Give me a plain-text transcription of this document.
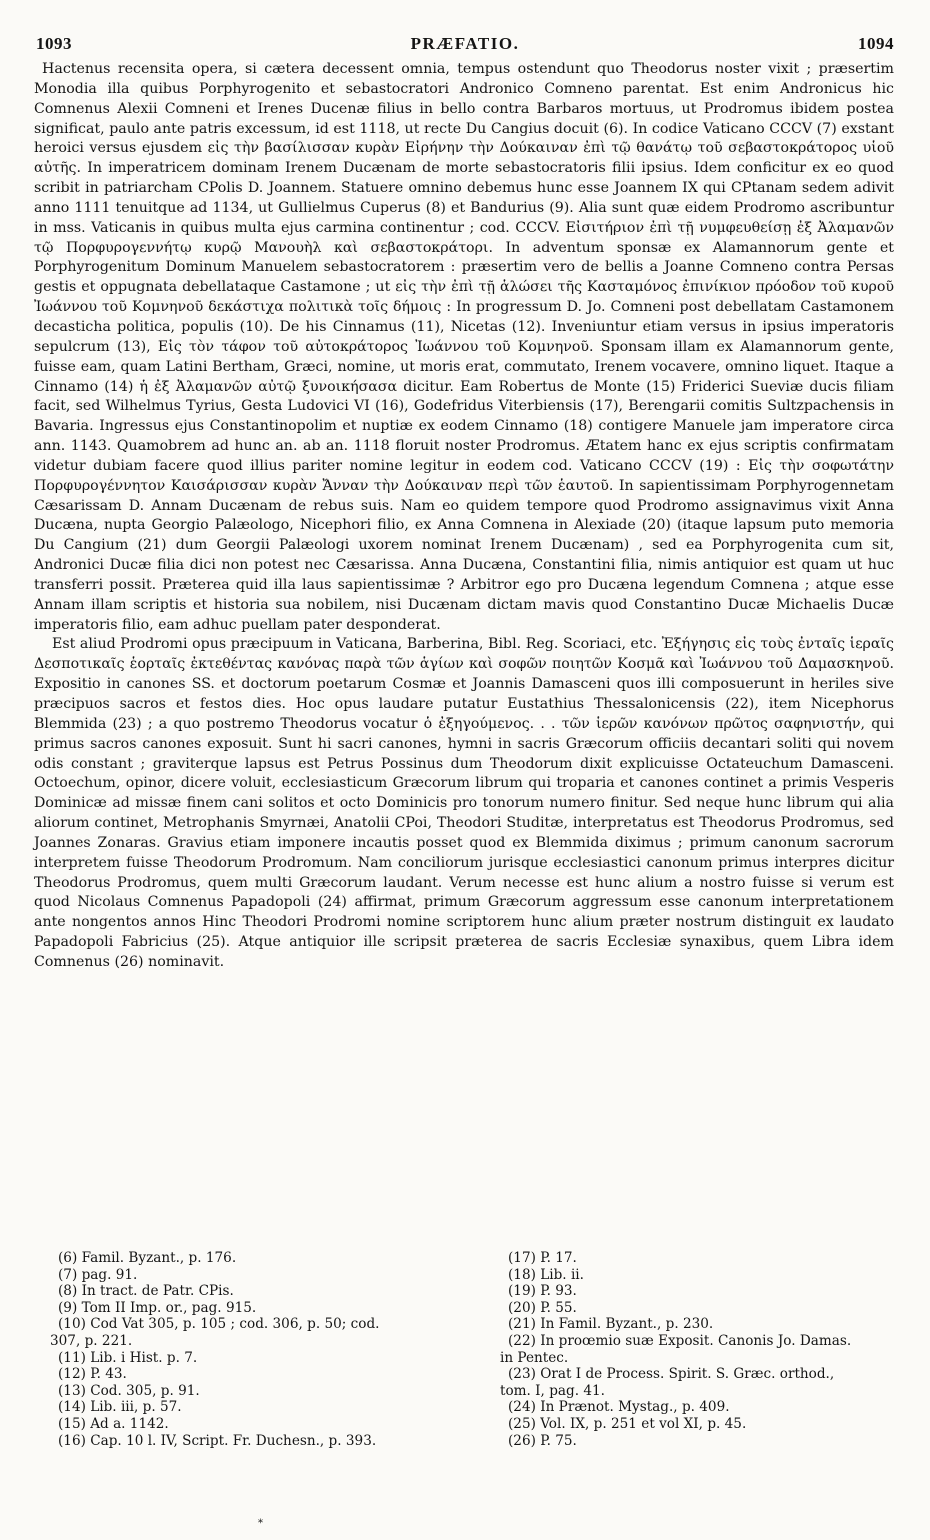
1093	PRÆFATIO.	1094

Hactenus recensita opera, si cætera decessent omnia, tempus ostendunt quo Theodorus noster vixit ; præsertim Monodia illa quibus Porphyrogenito et sebastocratori Andronico Comneno parentat. Est enim Andronicus hic Comnenus Alexii Comneni et Irenes Ducenæ filius in bello contra Barbaros mortuus, ut Prodromus ibidem postea significat, paulo ante patris excessum, id est 1118, ut recte Du Cangius docuit (6). In codice Vaticano CCCV (7) exstant heroici versus ejusdem εἰς τὴν βασίλισσαν κυρὰν Εἰρήνην τὴν Δούκαιναν ἐπὶ τῷ θανάτῳ τοῦ σεβαστοκράτορος υἱοῦ αὐτῆς. In imperatricem dominam Irenem Ducænam de morte sebastocratoris filii ipsius. Idem conficitur ex eo quod scribit in patriarcham CPolis D. Joannem. Statuere omnino debemus hunc esse Joannem IX qui CPtanam sedem adivit anno 1111 tenuitque ad 1134, ut Gullielmus Cuperus (8) et Bandurius (9). Alia sunt quæ eidem Prodromo ascribuntur in mss. Vaticanis in quibus multa ejus carmina continentur ; cod. CCCV. Εἰσιτήριον ἐπὶ τῇ νυμφευθείσῃ ἐξ Ἀλαμανῶν τῷ Πορφυρογεννήτῳ κυρῷ Μανουὴλ καὶ σεβαστοκράτορι. In adventum sponsæ ex Alamannorum gente et Porphyrogenitum Dominum Manuelem sebastocratorem : præsertim vero de bellis a Joanne Comneno contra Persas gestis et oppugnata debellataque Castamone ; ut εἰς τὴν ἐπὶ τῇ ἁλώσει τῆς Κασταμόνος ἐπινίκιον πρόοδον τοῦ κυροῦ Ἰωάννου τοῦ Κομνηνοῦ δεκάστιχα πολιτικὰ τοῖς δήμοις : In progressum D. Jo. Comneni post debellatam Castamonem decasticha politica, populis (10). De his Cinnamus (11), Nicetas (12). Inveniuntur etiam versus in ipsius imperatoris sepulcrum (13), Εἰς τὸν τάφον τοῦ αὐτοκράτορος Ἰωάννου τοῦ Κομνηνοῦ. Sponsam illam ex Alamannorum gente, fuisse eam, quam Latini Bertham, Græci, nomine, ut moris erat, commutato, Irenem vocavere, omnino liquet. Itaque a Cinnamo (14) ἡ ἐξ Ἀλαμανῶν αὐτῷ ξυνοικήσασα dicitur. Eam Robertus de Monte (15) Friderici Sueviæ ducis filiam facit, sed Wilhelmus Tyrius, Gesta Ludovici VI (16), Godefridus Viterbiensis (17), Berengarii comitis Sultzpachensis in Bavaria. Ingressus ejus Constantinopolim et nuptiæ ex eodem Cinnamo (18) contigere Manuele jam imperatore circa ann. 1143. Quamobrem ad hunc an. ab an. 1118 floruit noster Prodromus. Ætatem hanc ex ejus scriptis confirmatam videtur dubiam facere quod illius pariter nomine legitur in eodem cod. Vaticano CCCV (19) : Εἰς τὴν σοφωτάτην Πορφυρογέννητον Καισάρισσαν κυρὰν Ἄνναν τὴν Δούκαιναν περὶ τῶν ἑαυτοῦ. In sapientissimam Porphyrogennetam Cæsarissam D. Annam Ducænam de rebus suis. Nam eo quidem tempore quod Prodromo assignavimus vixit Anna Ducæna, nupta Georgio Palæologo, Nicephori filio, ex Anna Comnena in Alexiade (20) (itaque lapsum puto memoria Du Cangium (21) dum Georgii Palæologi uxorem nominat Irenem Ducænam) , sed ea Porphyrogenita cum sit, Andronici Ducæ filia dici non potest nec Cæsarissa. Anna Ducæna, Constantini filia, nimis antiquior est quam ut huc transferri possit. Præterea quid illa laus sapientissimæ ? Arbitror ego pro Ducæna legendum Comnena ; atque esse Annam illam scriptis et historia sua nobilem, nisi Ducænam dictam mavis quod Constantino Ducæ Michaelis Ducæ imperatoris filio, eam adhuc puellam pater desponderat.

Est aliud Prodromi opus præcipuum in Vaticana, Barberina, Bibl. Reg. Scoriaci, etc. Ἐξήγησις εἰς τοὺς ἐνταῖς ἱεραῖς Δεσποτικαῖς ἑορταῖς ἐκτεθέντας κανόνας παρὰ τῶν ἁγίων καὶ σοφῶν ποιητῶν Κοσμᾶ καὶ Ἰωάννου τοῦ Δαμασκηνοῦ. Expositio in canones SS. et doctorum poetarum Cosmæ et Joannis Damasceni quos illi composuerunt in heriles sive præcipuos sacros et festos dies. Hoc opus laudare putatur Eustathius Thessalonicensis (22), item Nicephorus Blemmida (23) ; a quo postremo Theodorus vocatur ὁ ἐξηγούμενος. . . τῶν ἱερῶν κανόνων πρῶτος σαφηνιστήν, qui primus sacros canones exposuit. Sunt hi sacri canones, hymni in sacris Græcorum officiis decantari soliti qui novem odis constant ; graviterque lapsus est Petrus Possinus dum Theodorum dixit explicuisse Octateuchum Damasceni. Octoechum, opinor, dicere voluit, ecclesiasticum Græcorum librum qui troparia et canones continet a primis Vesperis Dominicæ ad missæ finem cani solitos et octo Dominicis pro tonorum numero finitur. Sed neque hunc librum qui alia aliorum continet, Metrophanis Smyrnæi, Anatolii CPoi, Theodori Studitæ, interpretatus est Theodorus Prodromus, sed Joannes Zonaras. Gravius etiam imponere incautis posset quod ex Blemmida diximus ; primum canonum sacrorum interpretem fuisse Theodorum Prodromum. Nam conciliorum jurisque ecclesiastici canonum primus interpres dicitur Theodorus Prodromus, quem multi Græcorum laudant. Verum necesse est hunc alium a nostro fuisse si verum est quod Nicolaus Comnenus Papadopoli (24) affirmat, primum Græcorum aggressum esse canonum interpretationem ante nongentos annos Hinc Theodori Prodromi nomine scriptorem hunc alium præter nostrum distinguit ex laudato Papadopoli Fabricius (25). Atque antiquior ille scripsit præterea de sacris Ecclesiæ synaxibus, quem Libra idem Comnenus (26) nominavit.

(6) Famil. Byzant., p. 176.
(7) pag. 91.
(8) In tract. de Patr. CPis.
(9) Tom II Imp. or., pag. 915.
(10) Cod Vat 305, p. 105 ; cod. 306, p. 50; cod.
307, p. 221.
(11) Lib. i Hist. p. 7.
(12) P. 43.
(13) Cod. 305, p. 91.
(14) Lib. iii, p. 57.
(15) Ad a. 1142.
(16) Cap. 10 l. IV, Script. Fr. Duchesn., p. 393.
(17) P. 17.
(18) Lib. ii.
(19) P. 93.
(20) P. 55.
(21) In Famil. Byzant., p. 230.
(22) In proœmio suæ Exposit. Canonis Jo. Damas.
in Pentec.
(23) Orat I de Process. Spirit. S. Græc. orthod.,
tom. I, pag. 41.
(24) In Prænot. Mystag., p. 409.
(25) Vol. IX, p. 251 et vol XI, p. 45.
(26) P. 75.
*
